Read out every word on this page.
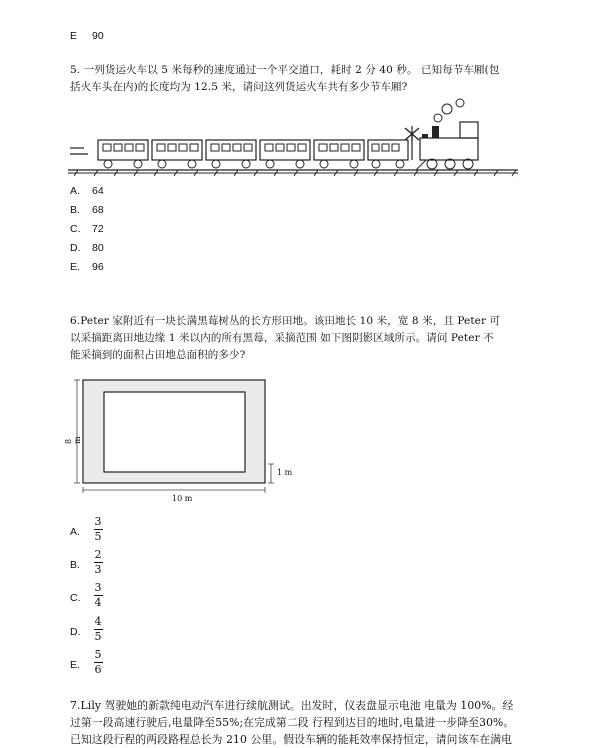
E 90
5. 一列货运火车以 5 米每秒的速度通过一个平交道口，耗时 2 分 40 秒。 已知每节车厢(包
括火车头在内)的长度均为 12.5 米，请问这列货运火车共有多少节车厢?
A. 64
B. 68
C. 72
D. 80
E. 96
6.Peter 家附近有一块长满黑莓树丛的长方形田地。该田地长 10 米，宽 8 米，且 Peter 可
以采摘距离田地边缘 1 米以内的所有黑莓，采摘范围 如下图阴影区域所示。请问 Peter 不
能采摘到的面积占田地总面积的多少?
8 m
10 m
1 m
A.
3
5
B.
2
3
C.
3
4
D.
4
5
E.
5
6
7.Lily 驾驶她的新款纯电动汽车进行续航测试。出发时，仪表盘显示电池 电量为 100%。经
过第一段高速行驶后,电量降至55%;在完成第二段 行程到达目的地时,电量进一步降至30%。
已知这段行程的两段路程总长为 210 公里。假设车辆的能耗效率保持恒定，请问该车在满电
